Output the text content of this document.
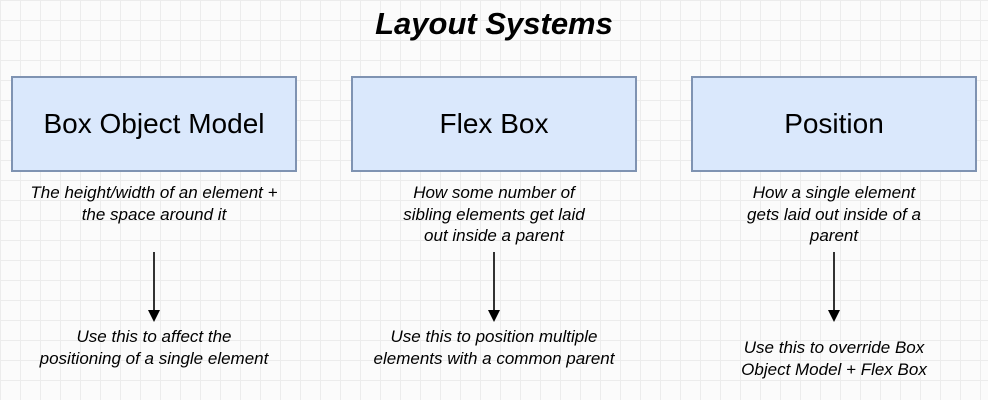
Layout Systems
Box Object Model
The height/width of an element + the space around it
Use this to affect the positioning of a single element
Flex Box
How some number of sibling elements get laid out inside a parent
Use this to position multiple elements with a common parent
Position
How a single element gets laid out inside of a parent
Use this to override Box Object Model + Flex Box
